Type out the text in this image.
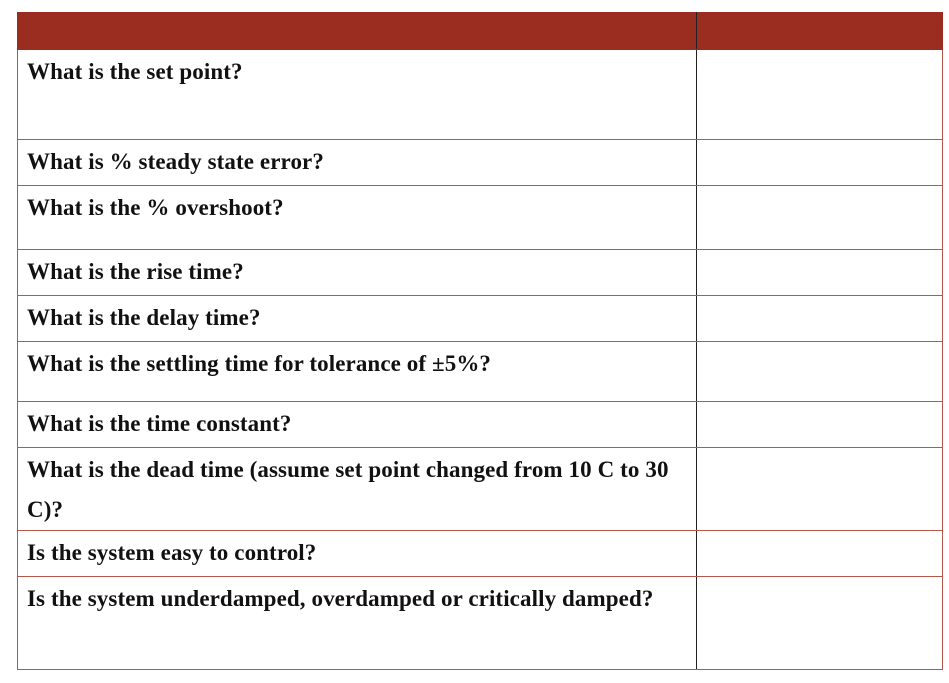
What is the set point?	
What is % steady state error?	
What is the % overshoot?	
What is the rise time?	
What is the delay time?	
What is the settling time for tolerance of ±5%?	
What is the time constant?	
What is the dead time (assume set point changed from 10 C to 30 C)?	
Is the system easy to control?	
Is the system underdamped, overdamped or critically damped?	
